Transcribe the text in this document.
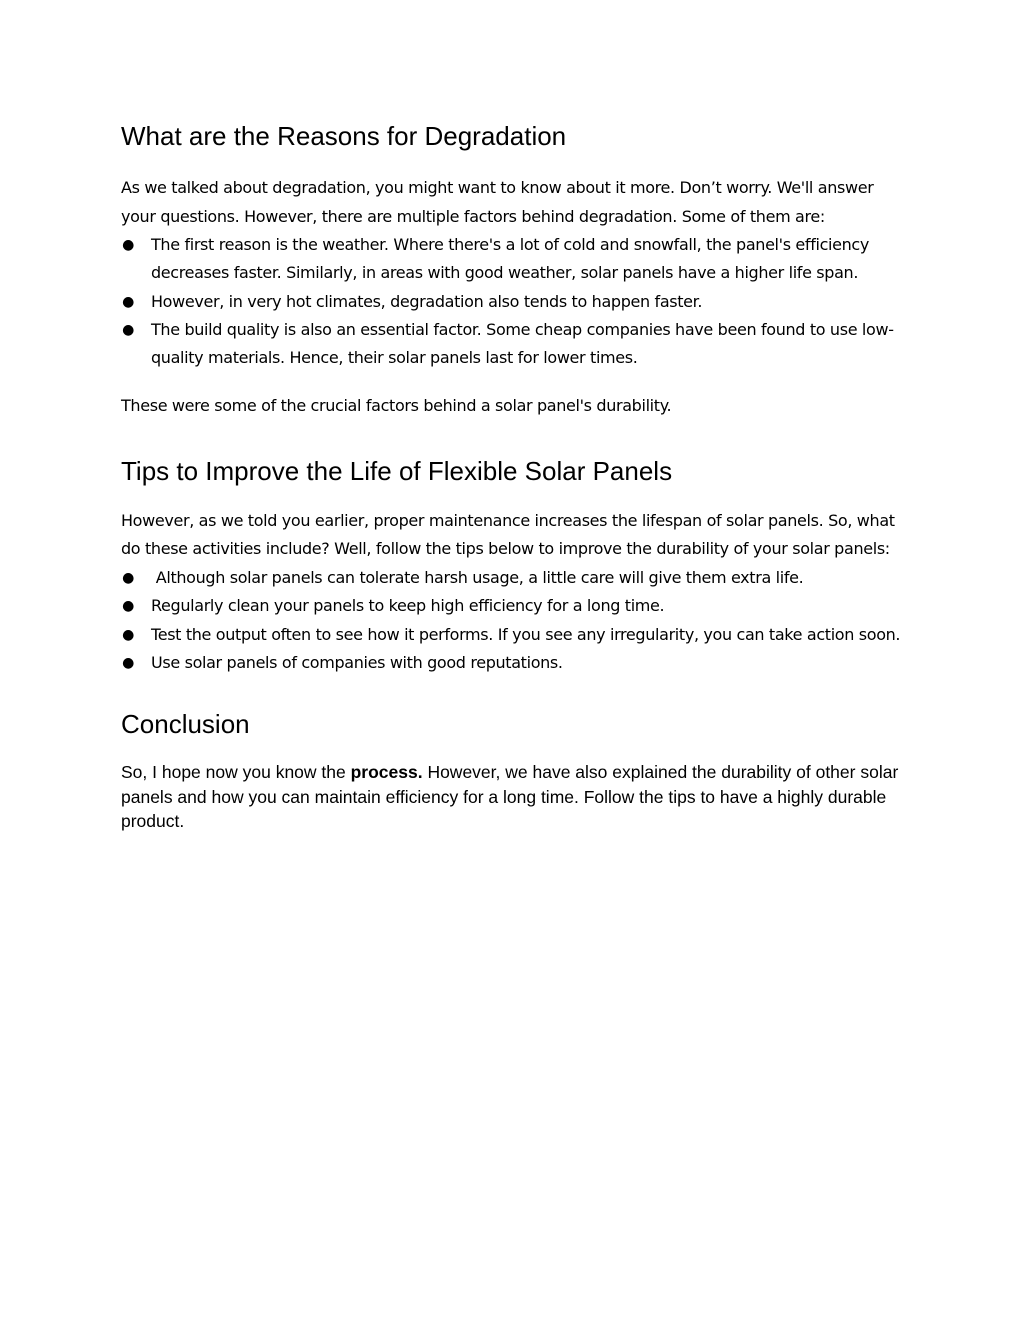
What are the Reasons for Degradation

As we talked about degradation, you might want to know about it more. Don’t worry. We'll answer your questions. However, there are multiple factors behind degradation. Some of them are:

● The first reason is the weather. Where there's a lot of cold and snowfall, the panel's efficiency decreases faster. Similarly, in areas with good weather, solar panels have a higher life span.
● However, in very hot climates, degradation also tends to happen faster.
● The build quality is also an essential factor. Some cheap companies have been found to use low-quality materials. Hence, their solar panels last for lower times.

These were some of the crucial factors behind a solar panel's durability.

Tips to Improve the Life of Flexible Solar Panels

However, as we told you earlier, proper maintenance increases the lifespan of solar panels. So, what do these activities include? Well, follow the tips below to improve the durability of your solar panels:

● Although solar panels can tolerate harsh usage, a little care will give them extra life.
● Regularly clean your panels to keep high efficiency for a long time.
● Test the output often to see how it performs. If you see any irregularity, you can take action soon.
● Use solar panels of companies with good reputations.
Conclusion

So, I hope now you know the process. However, we have also explained the durability of other solar panels and how you can maintain efficiency for a long time. Follow the tips to have a highly durable product.
